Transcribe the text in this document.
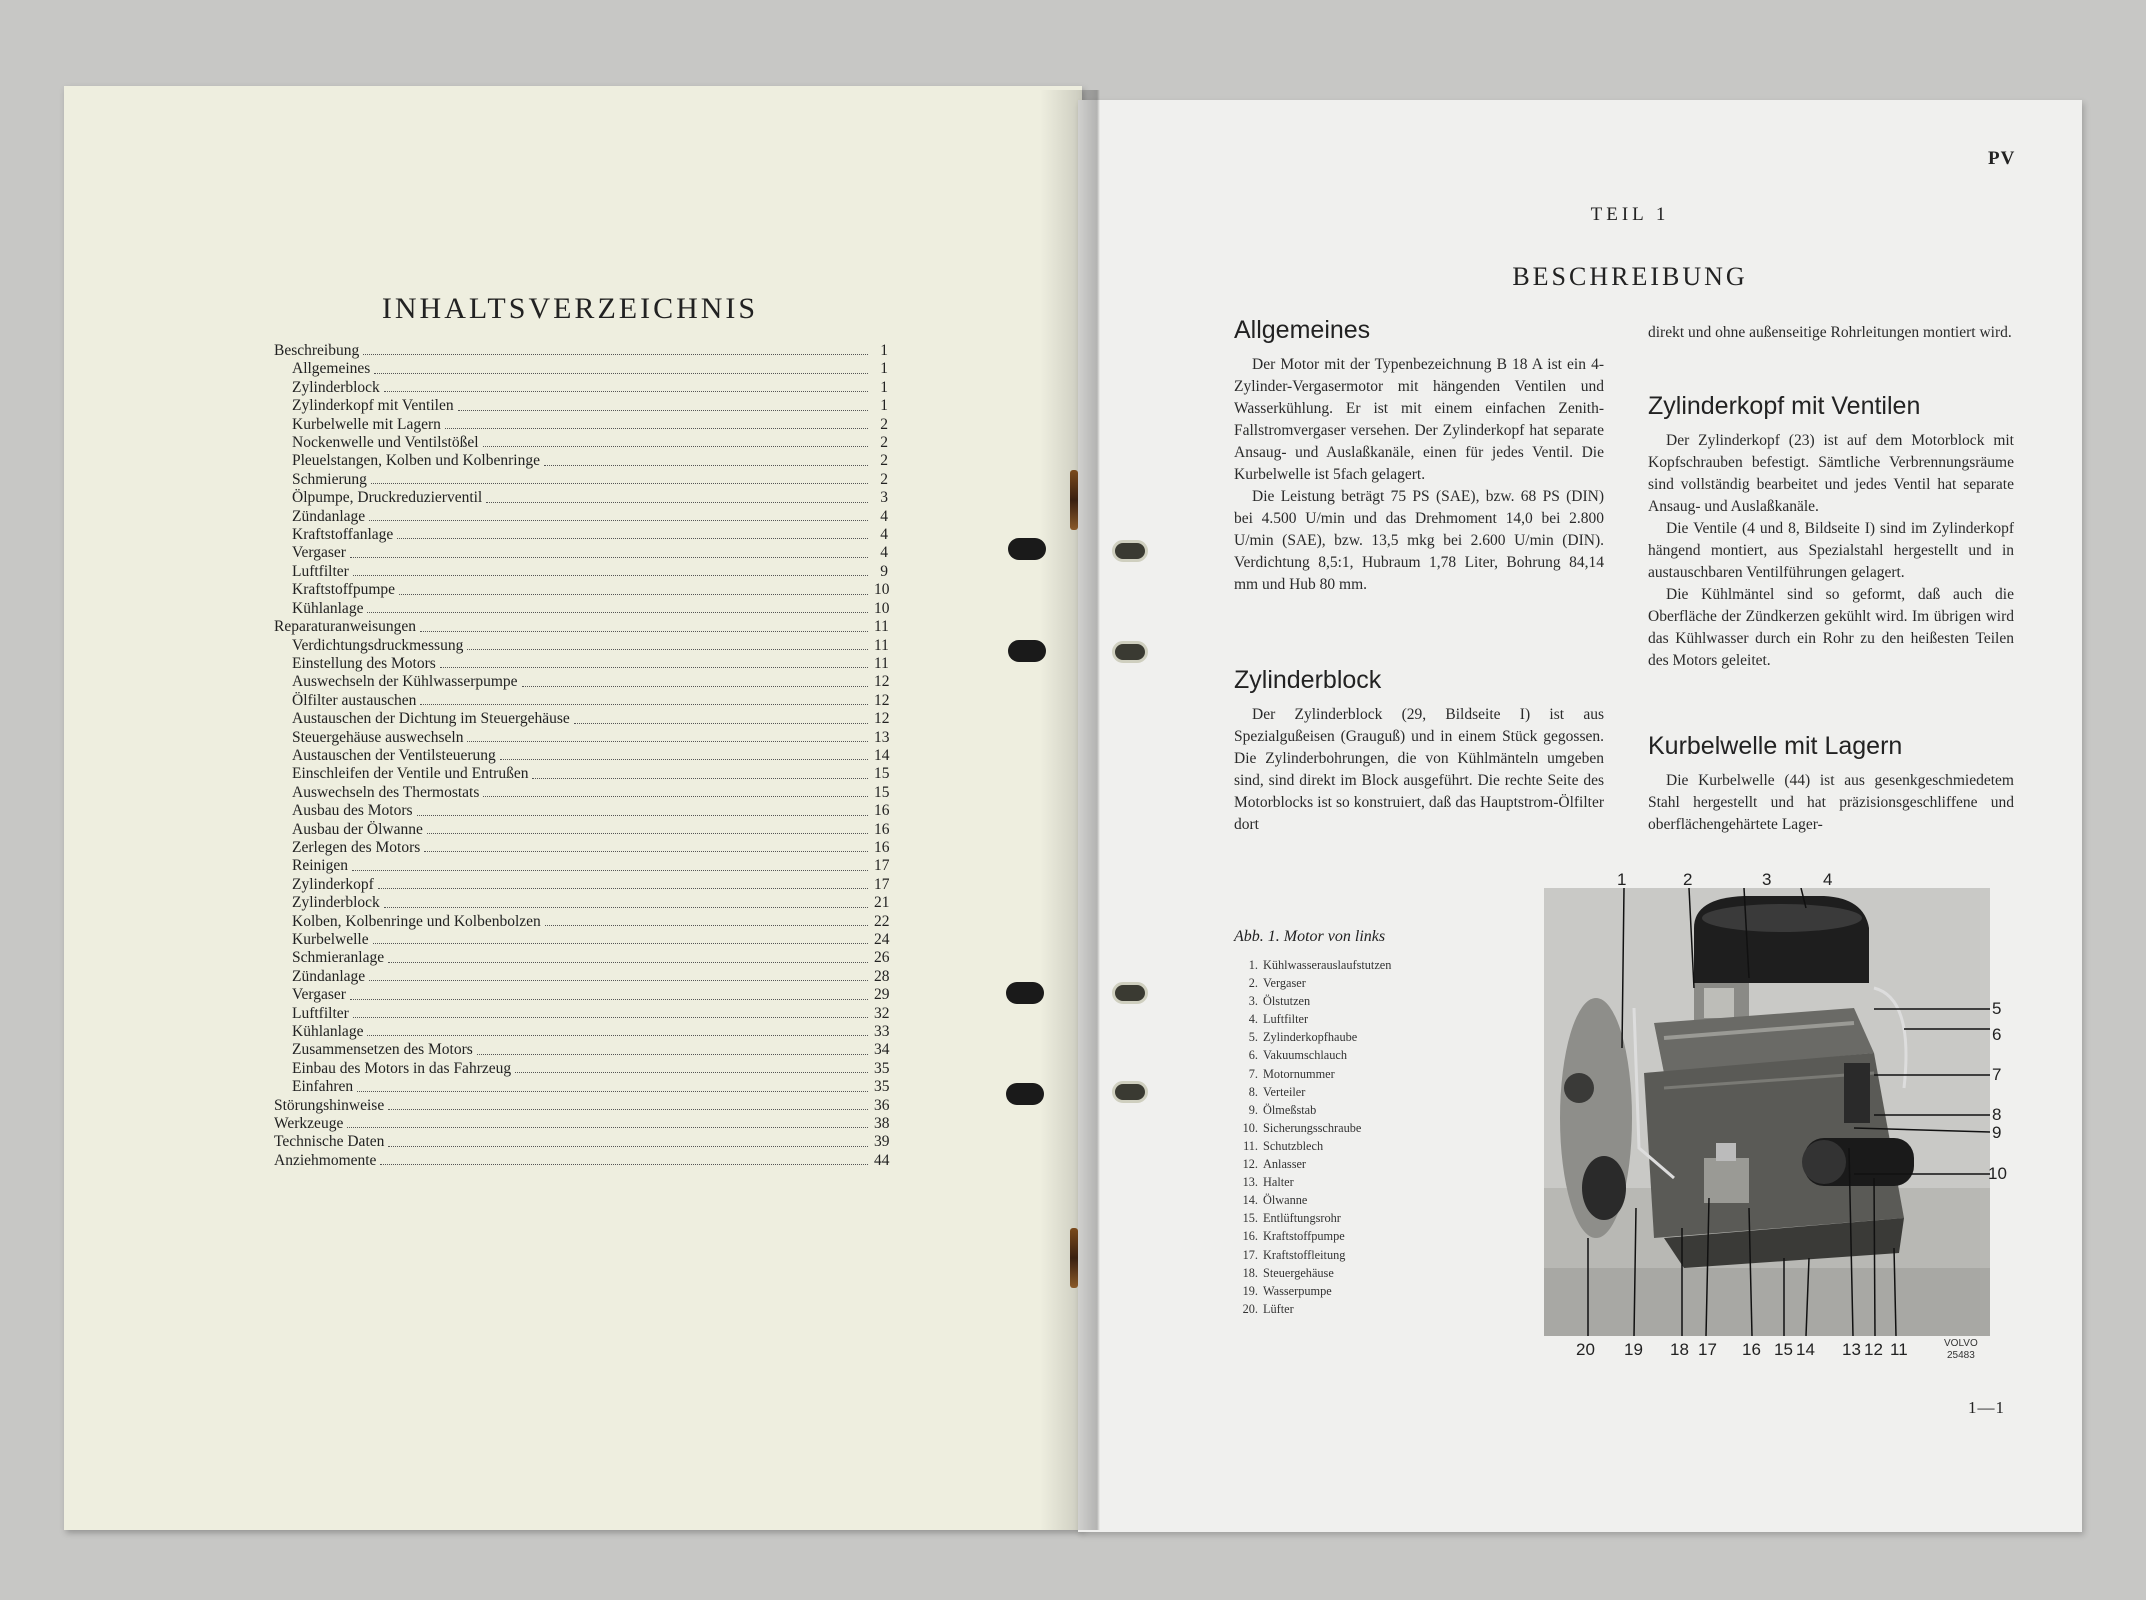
INHALTSVERZEICHNIS
Beschreibung	1
Allgemeines	1
Zylinderblock	1
Zylinderkopf mit Ventilen	1
Kurbelwelle mit Lagern	2
Nockenwelle und Ventilstößel	2
Pleuelstangen, Kolben und Kolbenringe	2
Schmierung	2
Ölpumpe, Druckreduzierventil	3
Zündanlage	4
Kraftstoffanlage	4
Vergaser	4
Luftfilter	9
Kraftstoffpumpe	10
Kühlanlage	10
Reparaturanweisungen	11
Verdichtungsdruckmessung	11
Einstellung des Motors	11
Auswechseln der Kühlwasserpumpe	12
Ölfilter austauschen	12
Austauschen der Dichtung im Steuergehäuse	12
Steuergehäuse auswechseln	13
Austauschen der Ventilsteuerung	14
Einschleifen der Ventile und Entrußen	15
Auswechseln des Thermostats	15
Ausbau des Motors	16
Ausbau der Ölwanne	16
Zerlegen des Motors	16
Reinigen	17
Zylinderkopf	17
Zylinderblock	21
Kolben, Kolbenringe und Kolbenbolzen	22
Kurbelwelle	24
Schmieranlage	26
Zündanlage	28
Vergaser	29
Luftfilter	32
Kühlanlage	33
Zusammensetzen des Motors	34
Einbau des Motors in das Fahrzeug	35
Einfahren	35
Störungshinweise	36
Werkzeuge	38
Technische Daten	39
Anziehmomente	44
PV
TEIL 1
BESCHREIBUNG
Allgemeines

Der Motor mit der Typenbezeichnung B 18 A ist ein 4-Zylinder-Vergasermotor mit hängenden Ventilen und Wasserkühlung. Er ist mit einem einfachen Zenith-Fallstromvergaser versehen. Der Zylinderkopf hat separate Ansaug- und Auslaßkanäle, einen für jedes Ventil. Die Kurbelwelle ist 5fach gelagert.

Die Leistung beträgt 75 PS (SAE), bzw. 68 PS (DIN) bei 4.500 U/min und das Drehmoment 14,0 bei 2.800 U/min (SAE), bzw. 13,5 mkg bei 2.600 U/min (DIN). Verdichtung 8,5:1, Hubraum 1,78 Liter, Bohrung 84,14 mm und Hub 80 mm.

Zylinderblock

Der Zylinderblock (29, Bildseite I) ist aus Spezialgußeisen (Grauguß) und in einem Stück gegossen. Die Zylinderbohrungen, die von Kühlmänteln umgeben sind, sind direkt im Block ausgeführt. Die rechte Seite des Motorblocks ist so konstruiert, daß das Hauptstrom-Ölfilter dort

direkt und ohne außenseitige Rohrleitungen montiert wird.

Zylinderkopf mit Ventilen

Der Zylinderkopf (23) ist auf dem Motorblock mit Kopfschrauben befestigt. Sämtliche Verbrennungsräume sind vollständig bearbeitet und jedes Ventil hat separate Ansaug- und Auslaßkanäle.

Die Ventile (4 und 8, Bildseite I) sind im Zylinderkopf hängend montiert, aus Spezialstahl hergestellt und in austauschbaren Ventilführungen gelagert.

Die Kühlmäntel sind so geformt, daß auch die Oberfläche der Zündkerzen gekühlt wird. Im übrigen wird das Kühlwasser durch ein Rohr zu den heißesten Teilen des Motors geleitet.

Kurbelwelle mit Lagern

Die Kurbelwelle (44) ist aus gesenkgeschmiedetem Stahl hergestellt und hat präzisionsgeschliffene und oberflächengehärtete Lager-

Abb. 1. Motor von links
1. Kühlwasserauslaufstutzen
2. Vergaser
3. Ölstutzen
4. Luftfilter
5. Zylinderkopfhaube
6. Vakuumschlauch
7. Motornummer
8. Verteiler
9. Ölmeßstab
10. Sicherungsschraube
11. Schutzblech
12. Anlasser
13. Halter
14. Ölwanne
15. Entlüftungsrohr
16. Kraftstoffpumpe
17. Kraftstoffleitung
18. Steuergehäuse
19. Wasserpumpe
20. Lüfter
1	2	3	4
5
6
7
8
9
10
20 19 18 17 16 15 14 13 12 11	VOLVO
25483
1—1
